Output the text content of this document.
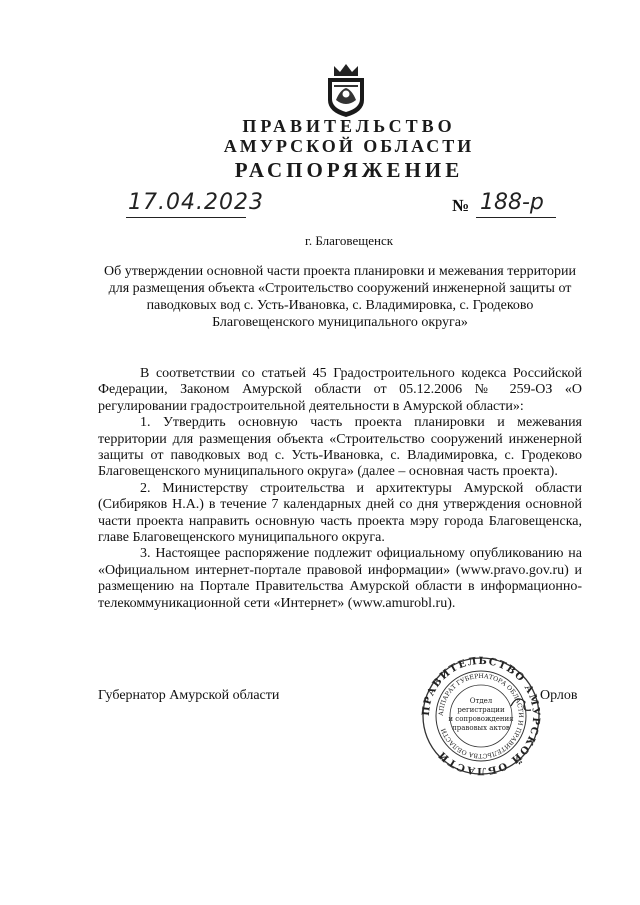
ПРАВИТЕЛЬСТВО
АМУРСКОЙ ОБЛАСТИ
РАСПОРЯЖЕНИЕ
17.04.2023	№ 188-р
г. Благовещенск
Об утверждении основной части проекта планировки и межевания территории для размещения объекта «Строительство сооружений инженерной защиты от паводковых вод с. Усть-Ивановка, с. Владимировка, с. Гродеково Благовещенского муниципального округа»

В соответствии со статьей 45 Градостроительного кодекса Российской Федерации, Законом Амурской области от 05.12.2006 № 259-ОЗ «О регулировании градостроительной деятельности в Амурской области»:

1. Утвердить основную часть проекта планировки и межевания территории для размещения объекта «Строительство сооружений инженерной защиты от паводковых вод с. Усть-Ивановка, с. Владимировка, с. Гродеково Благовещенского муниципального округа» (далее – основная часть проекта).

2. Министерству строительства и архитектуры Амурской области (Сибиряков Н.А.) в течение 7 календарных дней со дня утверждения основной части проекта направить основную часть проекта мэру города Благовещенска, главе Благовещенского муниципального округа.

3. Настоящее распоряжение подлежит официальному опубликованию на «Официальном интернет-портале правовой информации» (www.pravo.gov.ru) и размещению на Портале Правительства Амурской области в информационно-телекоммуникационной сети «Интернет» (www.amurobl.ru).

Губернатор Амурской области	Орлов
ПРАВИТЕЛЬСТВО АМУРСКОЙ ОБЛАСТИ
АППАРАТ ГУБЕРНАТОРА ОБЛАСТИ И ПРАВИТЕЛЬСТВА ОБЛАСТИ
Отдел
регистрации
и сопровождения
правовых актов
